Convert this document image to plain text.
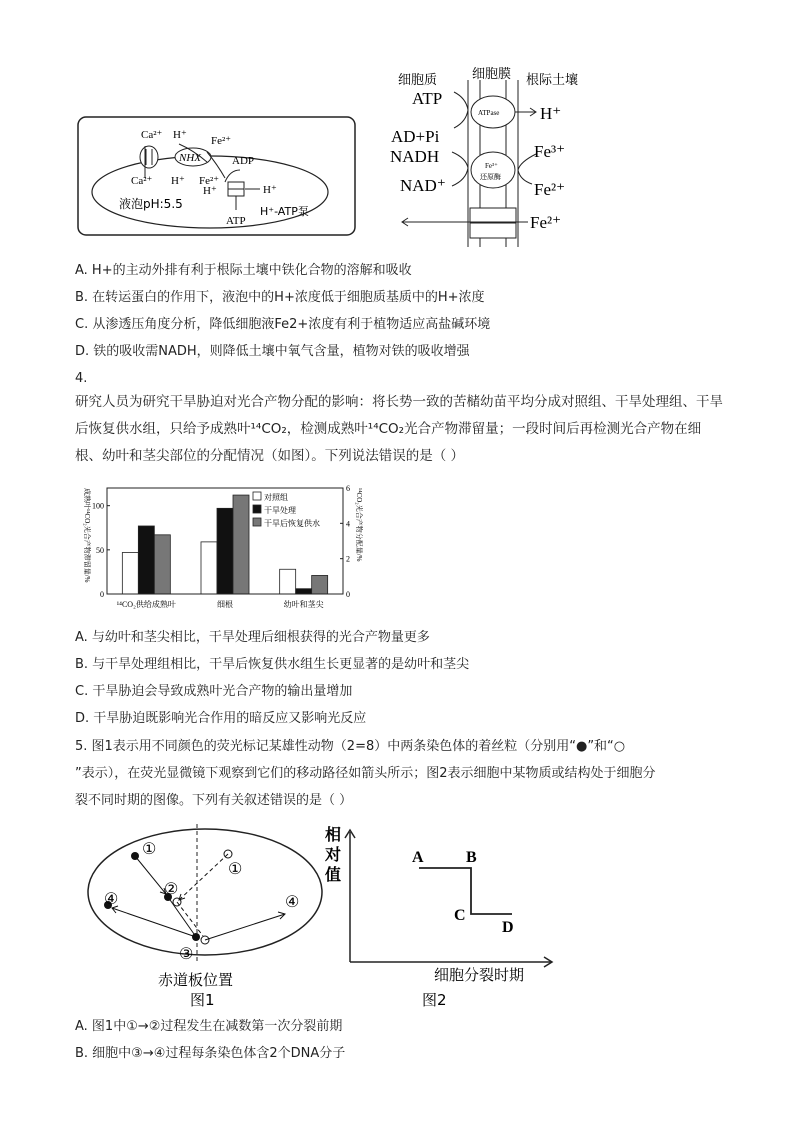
Ca²⁺ H⁺
NHX
Fe²⁺
Ca²⁺ H⁺ Fe²⁺
ADP
H⁺	H⁺
液泡pH:5.5
ATP
H⁺-ATP泵
细胞质	细胞膜 根际土壤
ATP
ATPase H⁺
AD+Pi
NADH	Fe³⁺
Fe³⁺
还原酶
NAD⁺	Fe²⁺
Fe²⁺
A. H+的主动外排有利于根际土壤中铁化合物的溶解和吸收
B. 在转运蛋白的作用下，液泡中的H+浓度低于细胞质基质中的H+浓度
C. 从渗透压角度分析，降低细胞液Fe2+浓度有利于植物适应高盐碱环境
D. 铁的吸收需NADH，则降低土壤中氧气含量，植物对铁的吸收增强
4.
研究人员为研究干旱胁迫对光合产物分配的影响：将长势一致的苦槠幼苗平均分成对照组、干旱处理组、干旱后恢复供水组，只给予成熟叶¹⁴CO₂，检测成熟叶¹⁴CO₂光合产物滞留量；一段时间后再检测光合产物在细根、幼叶和茎尖部位的分配情况（如图）。下列说法错误的是（ ）
¹⁴CO₂供给成熟叶	细根	幼叶和茎尖
0
50
100
0
2
4
6
成熟叶¹⁴CO₂光合产物滞留量/%	¹⁴CO₂光合产物分配量/%
对照组
干旱处理
干旱后恢复供水
A. 与幼叶和茎尖相比，干旱处理后细根获得的光合产物量更多
B. 与干旱处理组相比，干旱后恢复供水组生长更显著的是幼叶和茎尖
C. 干旱胁迫会导致成熟叶光合产物的输出量增加
D. 干旱胁迫既影响光合作用的暗反应又影响光反应
5. 图1表示用不同颜色的荧光标记某雄性动物（2=8）中两条染色体的着丝粒（分别用“●”和“○
”表示），在荧光显微镜下观察到它们的移动路径如箭头所示；图2表示细胞中某物质或结构处于细胞分
裂不同时期的图像。下列有关叙述错误的是（ ）
①
①
②
③
④	④
赤道板位置
图1
相
对
值
A	B
C
D
细胞分裂时期
图2
A. 图1中①→②过程发生在减数第一次分裂前期
B. 细胞中③→④过程每条染色体含2个DNA分子
